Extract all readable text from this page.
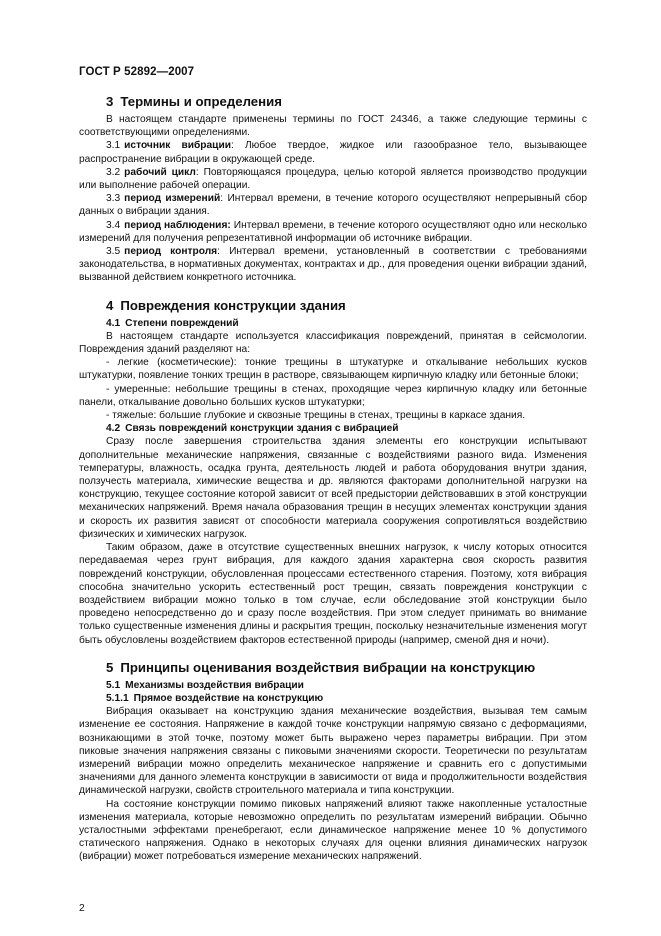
ГОСТ Р 52892—2007
3 Термины и определения

В настоящем стандарте применены термины по ГОСТ 24346, а также следующие термины с соответствующими определениями.

3.1 источник вибрации: Любое твердое, жидкое или газообразное тело, вызывающее распространение вибрации в окружающей среде.

3.2 рабочий цикл: Повторяющаяся процедура, целью которой является производство продукции или выполнение рабочей операции.

3.3 период измерений: Интервал времени, в течение которого осуществляют непрерывный сбор данных о вибрации здания.

3.4 период наблюдения: Интервал времени, в течение которого осуществляют одно или несколько измерений для получения репрезентативной информации об источнике вибрации.

3.5 период контроля: Интервал времени, установленный в соответствии с требованиями законодательства, в нормативных документах, контрактах и др., для проведения оценки вибрации зданий, вызванной действием конкретного источника.

4 Повреждения конструкции здания
4.1 Степени повреждений

В настоящем стандарте используется классификация повреждений, принятая в сейсмологии. Повреждения зданий разделяют на:

- легкие (косметические): тонкие трещины в штукатурке и откалывание небольших кусков штукатурки, появление тонких трещин в растворе, связывающем кирпичную кладку или бетонные блоки;

- умеренные: небольшие трещины в стенах, проходящие через кирпичную кладку или бетонные панели, откалывание довольно больших кусков штукатурки;

- тяжелые: большие глубокие и сквозные трещины в стенах, трещины в каркасе здания.

4.2 Связь повреждений конструкции здания с вибрацией

Сразу после завершения строительства здания элементы его конструкции испытывают дополнительные механические напряжения, связанные с воздействиями разного вида. Изменения температуры, влажность, осадка грунта, деятельность людей и работа оборудования внутри здания, ползучесть материала, химические вещества и др. являются факторами дополнительной нагрузки на конструкцию, текущее состояние которой зависит от всей предыстории действовавших в этой конструкции механических напряжений. Время начала образования трещин в несущих элементах конструкции здания и скорость их развития зависят от способности материала сооружения сопротивляться воздействию физических и химических нагрузок.

Таким образом, даже в отсутствие существенных внешних нагрузок, к числу которых относится передаваемая через грунт вибрация, для каждого здания характерна своя скорость развития повреждений конструкции, обусловленная процессами естественного старения. Поэтому, хотя вибрация способна значительно ускорить естественный рост трещин, связать повреждения конструкции с воздействием вибрации можно только в том случае, если обследование этой конструкции было проведено непосредственно до и сразу после воздействия. При этом следует принимать во внимание только существенные изменения длины и раскрытия трещин, поскольку незначительные изменения могут быть обусловлены воздействием факторов естественной природы (например, сменой дня и ночи).

5 Принципы оценивания воздействия вибрации на конструкцию
5.1 Механизмы воздействия вибрации
5.1.1 Прямое воздействие на конструкцию

Вибрация оказывает на конструкцию здания механические воздействия, вызывая тем самым изменение ее состояния. Напряжение в каждой точке конструкции напрямую связано с деформациями, возникающими в этой точке, поэтому может быть выражено через параметры вибрации. При этом пиковые значения напряжения связаны с пиковыми значениями скорости. Теоретически по результатам измерений вибрации можно определить механическое напряжение и сравнить его с допустимыми значениями для данного элемента конструкции в зависимости от вида и продолжительности воздействия динамической нагрузки, свойств строительного материала и типа конструкции.

На состояние конструкции помимо пиковых напряжений влияют также накопленные усталостные изменения материала, которые невозможно определить по результатам измерений вибрации. Обычно усталостными эффектами пренебрегают, если динамическое напряжение менее 10 % допустимого статического напряжения. Однако в некоторых случаях для оценки влияния динамических нагрузок (вибрации) может потребоваться измерение механических напряжений.

2
